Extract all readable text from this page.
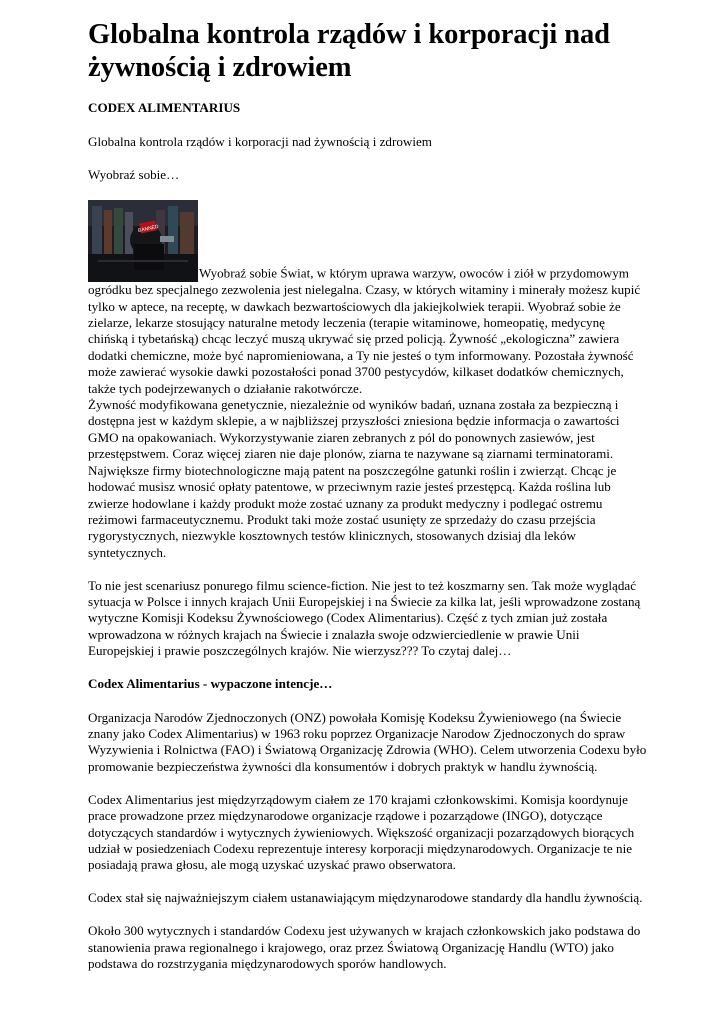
Globalna kontrola rządów i korporacji nad żywnością i zdrowiem

CODEX ALIMENTARIUS

Globalna kontrola rządów i korporacji nad żywnością i zdrowiem

Wyobraź sobie…

BANNED
Wyobraź sobie Świat, w którym uprawa warzyw, owoców i ziół w przydomowym ogródku bez specjalnego zezwolenia jest nielegalna. Czasy, w których witaminy i minerały możesz kupić tylko w aptece, na receptę, w dawkach bezwartościowych dla jakiejkolwiek terapii. Wyobraź sobie że zielarze, lekarze stosujący naturalne metody leczenia (terapie witaminowe, homeopatię, medycynę chińską i tybetańską) chcąc leczyć muszą ukrywać się przed policją. Żywność „ekologiczna” zawiera dodatki chemiczne, może być napromieniowana, a Ty nie jesteś o tym informowany. Pozostała żywność może zawierać wysokie dawki pozostałości ponad 3700 pestycydów, kilkaset dodatków chemicznych, także tych podejrzewanych o działanie rakotwórcze.

Żywność modyfikowana genetycznie, niezależnie od wyników badań, uznana została za bezpieczną i dostępna jest w każdym sklepie, a w najbliższej przyszłości zniesiona będzie informacja o zawartości GMO na opakowaniach. Wykorzystywanie ziaren zebranych z pól do ponownych zasiewów, jest przestępstwem. Coraz więcej ziaren nie daje plonów, ziarna te nazywane są ziarnami terminatorami. Największe firmy biotechnologiczne mają patent na poszczególne gatunki roślin i zwierząt. Chcąc je hodować musisz wnosić opłaty patentowe, w przeciwnym razie jesteś przestępcą. Każda roślina lub zwierze hodowlane i każdy produkt może zostać uznany za produkt medyczny i podlegać ostremu reżimowi farmaceutycznemu. Produkt taki może zostać usunięty ze sprzedaży do czasu przejścia rygorystycznych, niezwykle kosztownych testów klinicznych, stosowanych dzisiaj dla leków syntetycznych.

To nie jest scenariusz ponurego filmu science-fiction. Nie jest to też koszmarny sen. Tak może wyglądać sytuacja w Polsce i innych krajach Unii Europejskiej i na Świecie za kilka lat, jeśli wprowadzone zostaną wytyczne Komisji Kodeksu Żywnościowego (Codex Alimentarius). Część z tych zmian już została wprowadzona w różnych krajach na Świecie i znalazła swoje odzwierciedlenie w prawie Unii Europejskiej i prawie poszczególnych krajów. Nie wierzysz??? To czytaj dalej…

Codex Alimentarius - wypaczone intencje…

Organizacja Narodów Zjednoczonych (ONZ) powołała Komisję Kodeksu Żywieniowego (na Świecie znany jako Codex Alimentarius) w 1963 roku poprzez Organizacje Narodow Zjednoczonych do spraw Wyzywienia i Rolnictwa (FAO) i Światową Organizację Zdrowia (WHO). Celem utworzenia Codexu było promowanie bezpieczeństwa żywności dla konsumentów i dobrych praktyk w handlu żywnością.

Codex Alimentarius jest międzyrządowym ciałem ze 170 krajami członkowskimi. Komisja koordynuje prace prowadzone przez międzynarodowe organizacje rządowe i pozarządowe (INGO), dotyczące dotyczących standardów i wytycznych żywieniowych. Większość organizacji pozarządowych biorących udział w posiedzeniach Codexu reprezentuje interesy korporacji międzynarodowych. Organizacje te nie posiadają prawa głosu, ale mogą uzyskać uzyskać prawo obserwatora.

Codex stał się najważniejszym ciałem ustanawiającym międzynarodowe standardy dla handlu żywnością.

Około 300 wytycznych i standardów Codexu jest używanych w krajach członkowskich jako podstawa do stanowienia prawa regionalnego i krajowego, oraz przez Światową Organizację Handlu (WTO) jako podstawa do rozstrzygania międzynarodowych sporów handlowych.
